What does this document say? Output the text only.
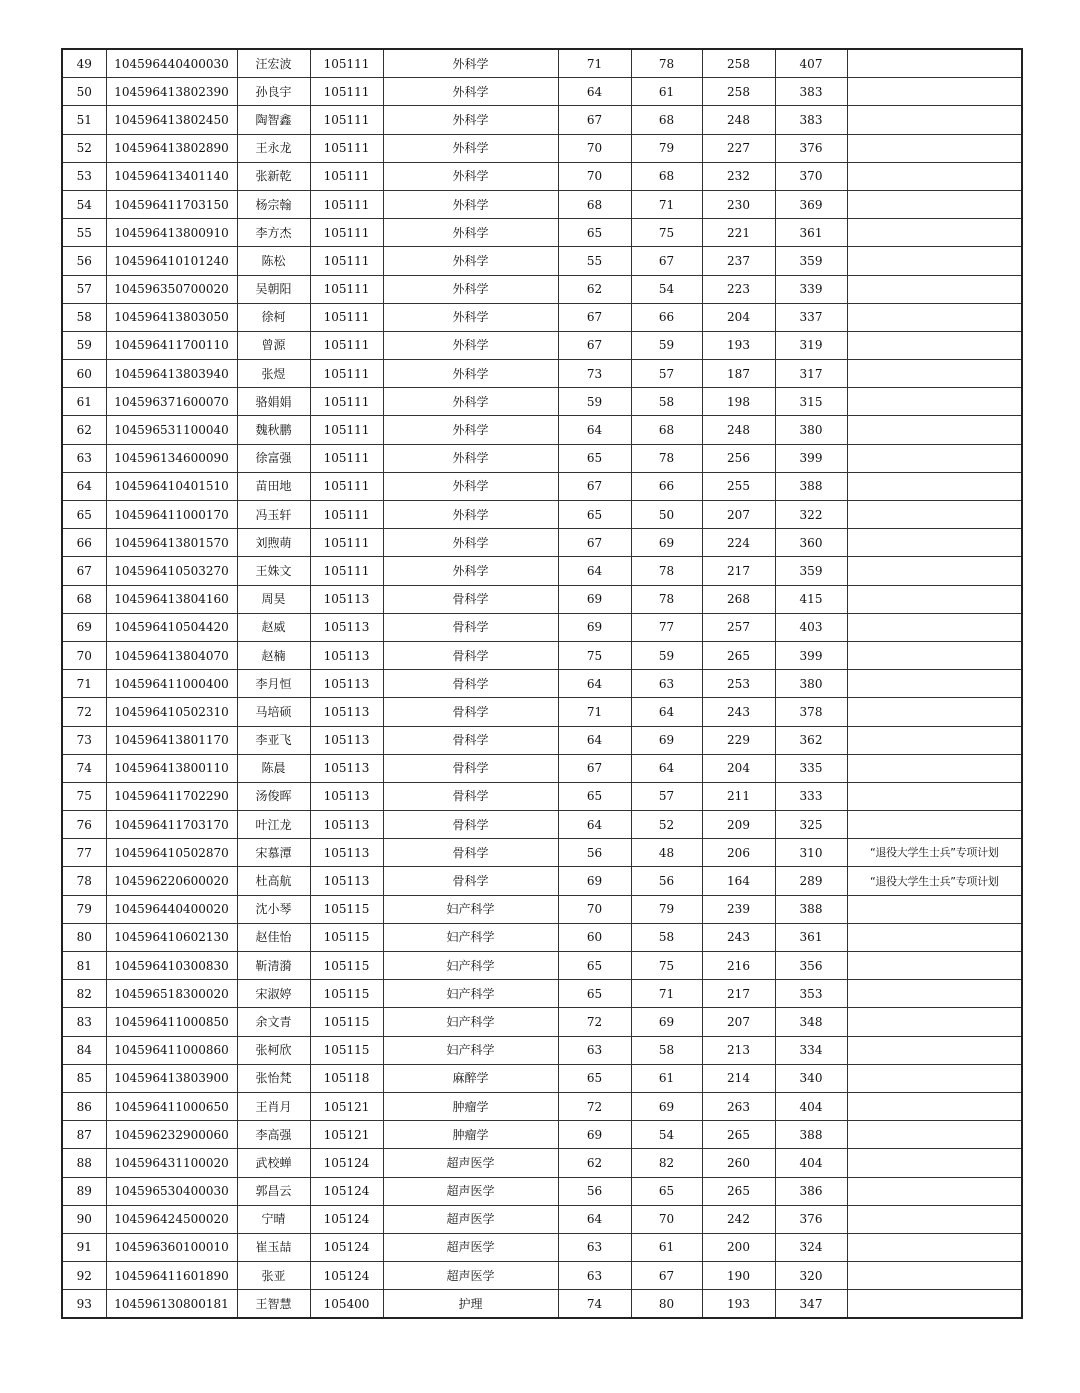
49	104596440400030	汪宏波	105111	外科学	71	78	258	407	
50	104596413802390	孙良宇	105111	外科学	64	61	258	383	
51	104596413802450	陶智鑫	105111	外科学	67	68	248	383	
52	104596413802890	王永龙	105111	外科学	70	79	227	376	
53	104596413401140	张新乾	105111	外科学	70	68	232	370	
54	104596411703150	杨宗翰	105111	外科学	68	71	230	369	
55	104596413800910	李方杰	105111	外科学	65	75	221	361	
56	104596410101240	陈松	105111	外科学	55	67	237	359	
57	104596350700020	吴朝阳	105111	外科学	62	54	223	339	
58	104596413803050	徐柯	105111	外科学	67	66	204	337	
59	104596411700110	曾源	105111	外科学	67	59	193	319	
60	104596413803940	张煜	105111	外科学	73	57	187	317	
61	104596371600070	骆娟娟	105111	外科学	59	58	198	315	
62	104596531100040	魏秋鹏	105111	外科学	64	68	248	380	
63	104596134600090	徐富强	105111	外科学	65	78	256	399	
64	104596410401510	苗田地	105111	外科学	67	66	255	388	
65	104596411000170	冯玉轩	105111	外科学	65	50	207	322	
66	104596413801570	刘煦萌	105111	外科学	67	69	224	360	
67	104596410503270	王姝文	105111	外科学	64	78	217	359	
68	104596413804160	周昊	105113	骨科学	69	78	268	415	
69	104596410504420	赵威	105113	骨科学	69	77	257	403	
70	104596413804070	赵楠	105113	骨科学	75	59	265	399	
71	104596411000400	李月恒	105113	骨科学	64	63	253	380	
72	104596410502310	马培硕	105113	骨科学	71	64	243	378	
73	104596413801170	李亚飞	105113	骨科学	64	69	229	362	
74	104596413800110	陈晨	105113	骨科学	67	64	204	335	
75	104596411702290	汤俊晖	105113	骨科学	65	57	211	333	
76	104596411703170	叶江龙	105113	骨科学	64	52	209	325	
77	104596410502870	宋慕潭	105113	骨科学	56	48	206	310	“退役大学生士兵”专项计划
78	104596220600020	杜高航	105113	骨科学	69	56	164	289	“退役大学生士兵”专项计划
79	104596440400020	沈小琴	105115	妇产科学	70	79	239	388	
80	104596410602130	赵佳怡	105115	妇产科学	60	58	243	361	
81	104596410300830	靳清漪	105115	妇产科学	65	75	216	356	
82	104596518300020	宋淑婷	105115	妇产科学	65	71	217	353	
83	104596411000850	余文青	105115	妇产科学	72	69	207	348	
84	104596411000860	张柯欣	105115	妇产科学	63	58	213	334	
85	104596413803900	张怡梵	105118	麻醉学	65	61	214	340	
86	104596411000650	王肖月	105121	肿瘤学	72	69	263	404	
87	104596232900060	李高强	105121	肿瘤学	69	54	265	388	
88	104596431100020	武校蝉	105124	超声医学	62	82	260	404	
89	104596530400030	郭昌云	105124	超声医学	56	65	265	386	
90	104596424500020	宁晴	105124	超声医学	64	70	242	376	
91	104596360100010	崔玉喆	105124	超声医学	63	61	200	324	
92	104596411601890	张亚	105124	超声医学	63	67	190	320	
93	104596130800181	王智慧	105400	护理	74	80	193	347	
